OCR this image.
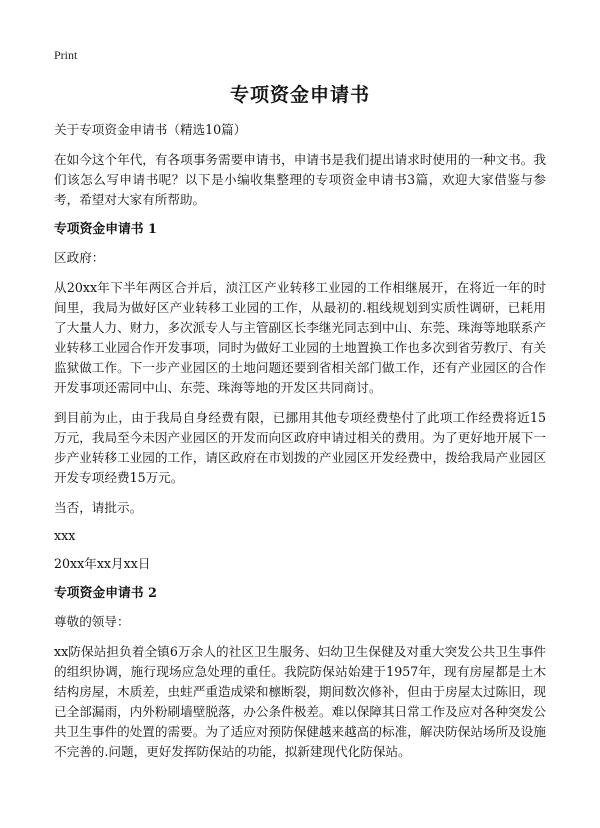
Print
专项资金申请书

关于专项资金申请书（精选10篇）

在如今这个年代，有各项事务需要申请书，申请书是我们提出请求时使用的一种文书。我们该怎么写申请书呢？以下是小编收集整理的专项资金申请书3篇，欢迎大家借鉴与参考，希望对大家有所帮助。

专项资金申请书 1

区政府：

从20xx年下半年两区合并后，浈江区产业转移工业园的工作相继展开，在将近一年的时间里，我局为做好区产业转移工业园的工作，从最初的.粗线规划到实质性调研，已耗用了大量人力、财力，多次派专人与主管副区长李继光同志到中山、东莞、珠海等地联系产业转移工业园合作开发事项，同时为做好工业园的土地置换工作也多次到省劳教厅、有关监狱做工作。下一步产业园区的土地问题还要到省相关部门做工作，还有产业园区的合作开发事项还需同中山、东莞、珠海等地的开发区共同商讨。

到目前为止，由于我局自身经费有限，已挪用其他专项经费垫付了此项工作经费将近15万元，我局至今未因产业园区的开发而向区政府申请过相关的费用。为了更好地开展下一步产业转移工业园的工作，请区政府在市划拨的产业园区开发经费中，拨给我局产业园区开发专项经费15万元。

当否，请批示。

xxx

20xx年xx月xx日

专项资金申请书 2

尊敬的领导：

xx防保站担负着全镇6万余人的社区卫生服务、妇幼卫生保健及对重大突发公共卫生事件的组织协调，施行现场应急处理的重任。我院防保站始建于1957年，现有房屋都是土木结构房屋，木质差，虫蛀严重造成梁和檩断裂，期间数次修补，但由于房屋太过陈旧，现已全部漏雨，内外粉刷墙壁脱落，办公条件极差。难以保障其日常工作及应对各种突发公共卫生事件的处置的需要。为了适应对预防保健越来越高的标准，解决防保站场所及设施不完善的.问题，更好发挥防保站的功能，拟新建现代化防保站。
